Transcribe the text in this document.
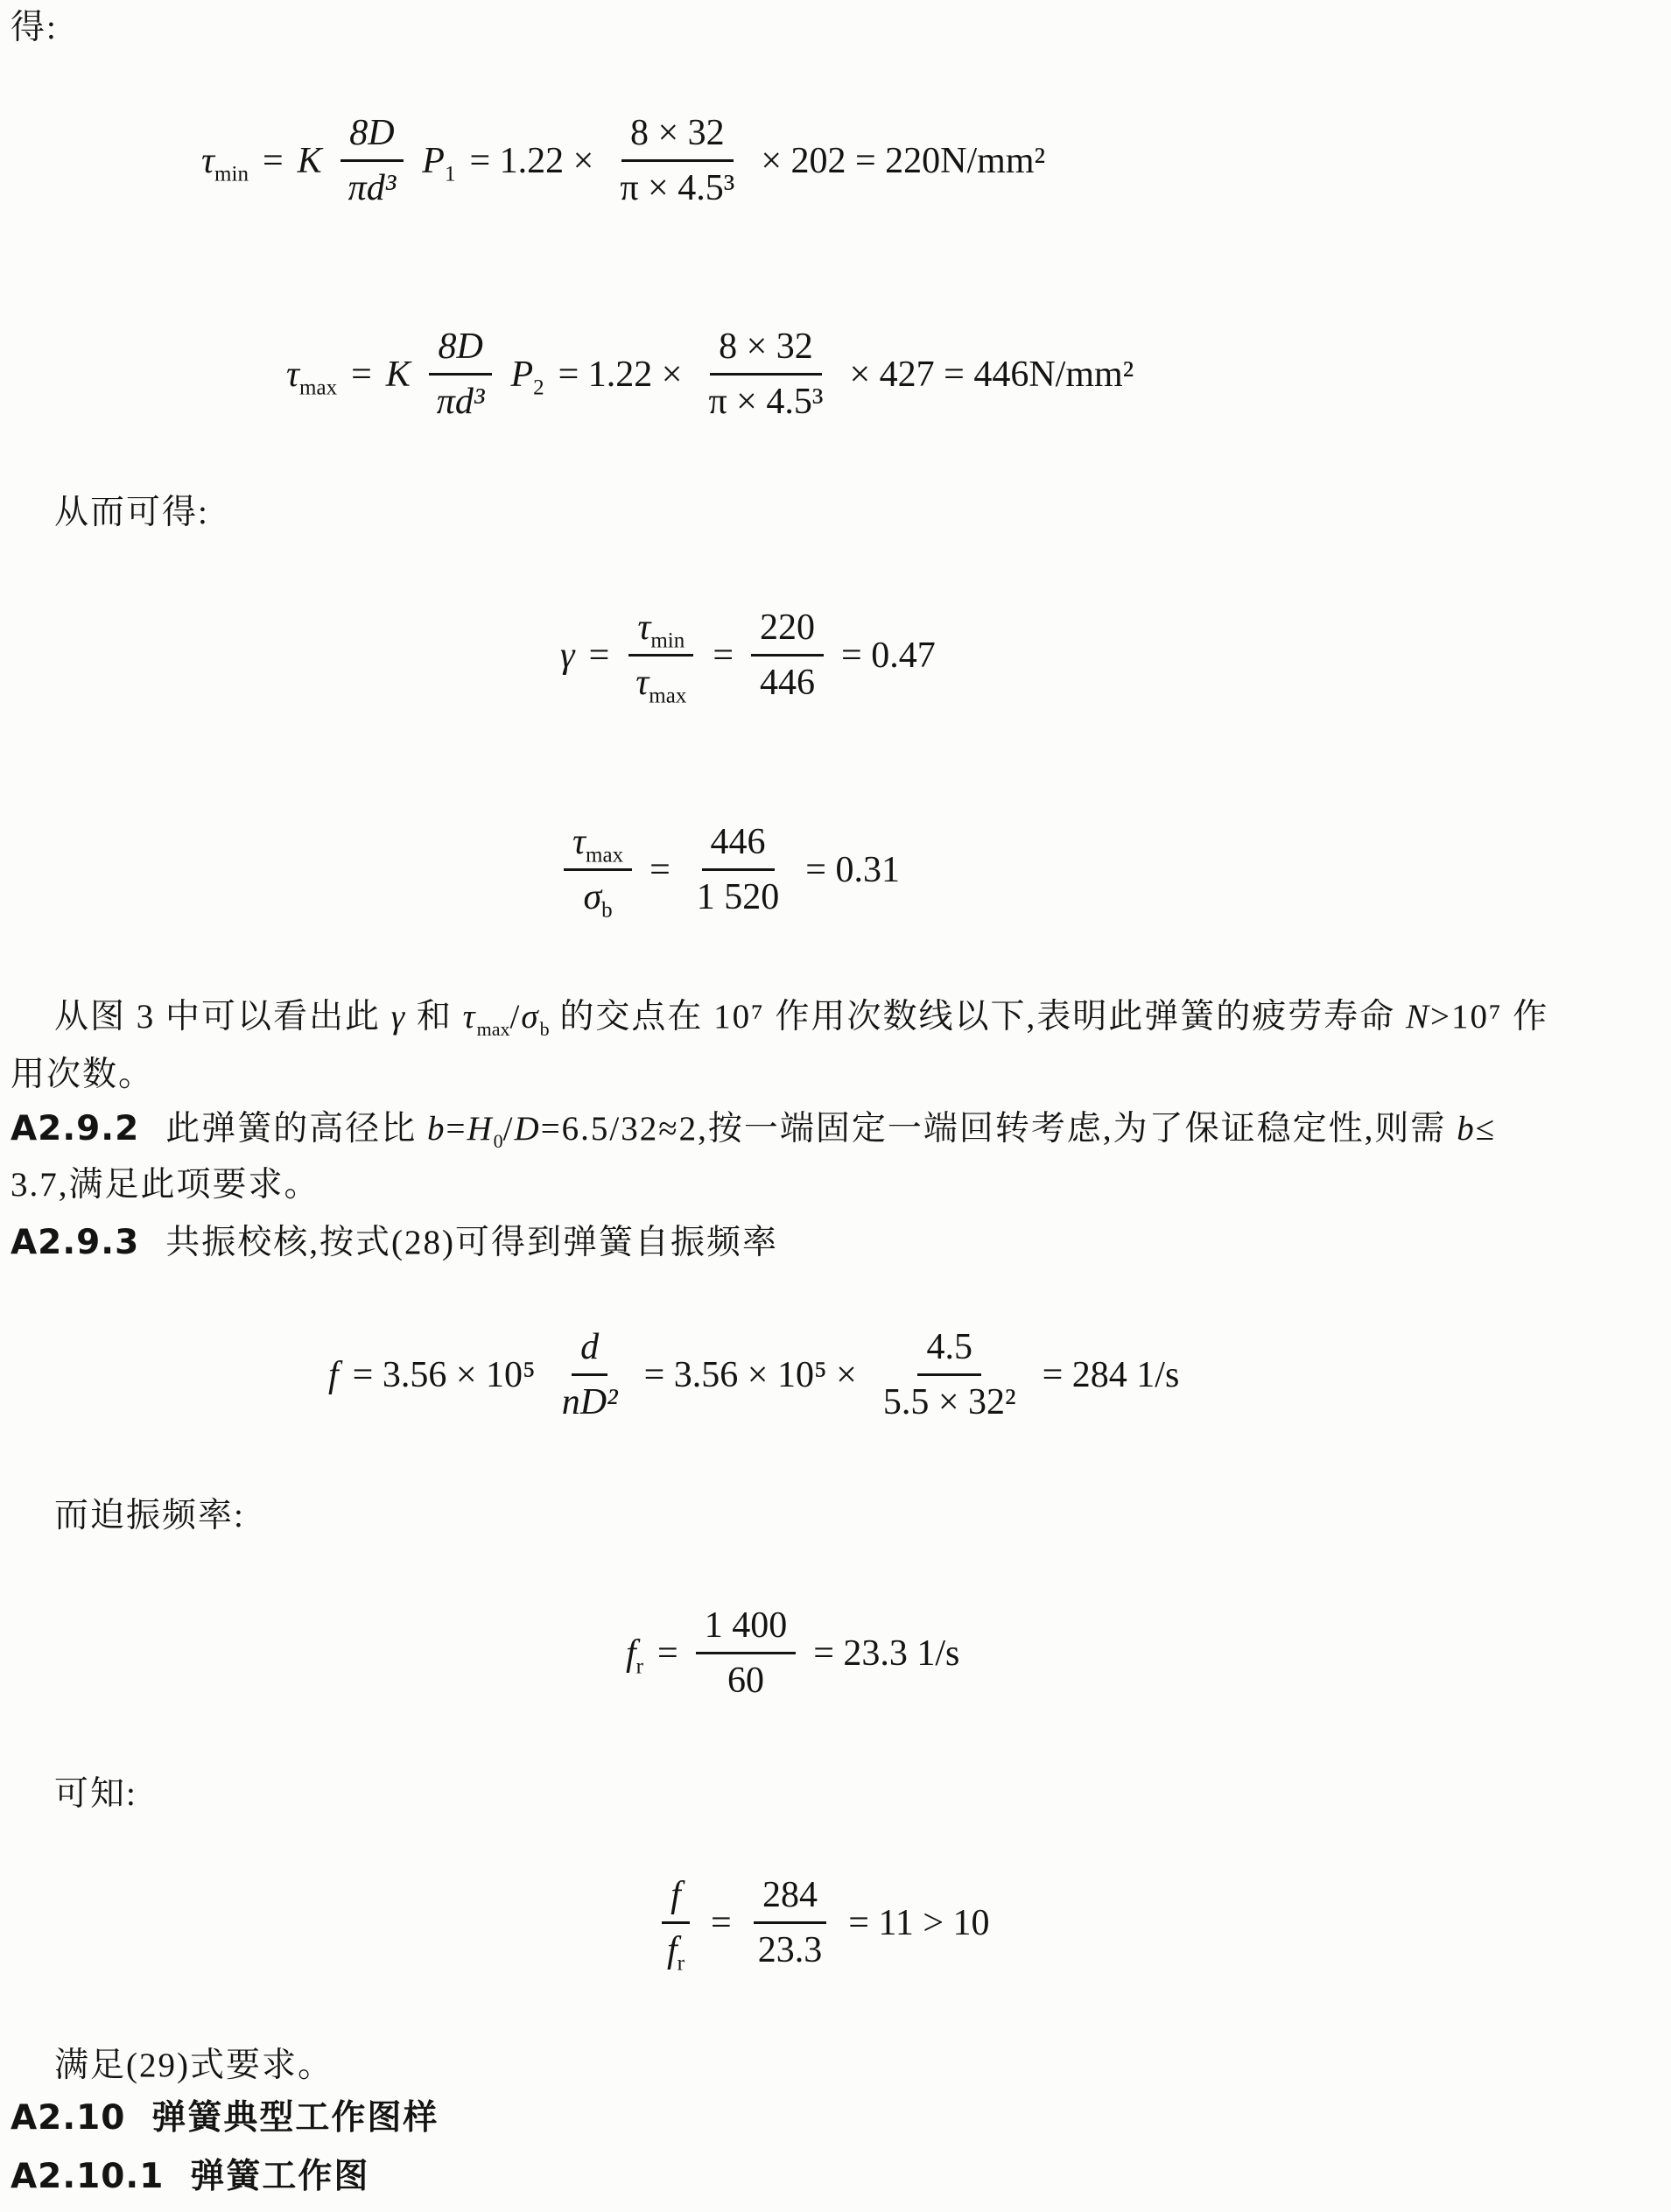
得:
$\tau_{min} = K \frac{8D}{\text{πd³}} P_1 = 1.22 \times \frac{8 \times 32}{\text{π × 4.5³}} \times 202 = 220N/mm^2$
$\tau_{max} = K \frac{8D}{\text{πd³}} P_2 = 1.22 \times \frac{8 \times 32}{\text{π × 4.5³}} \times 427 = 446N/mm^2$
从而可得:
$\gamma = \frac{\tau_{min}}{\tau_{max}} = \frac{220}{446} = 0.47$
$\frac{\tau_{max}}{\sigma_b} = \frac{446}{1 520} = 0.31$
从图 3 中可以看出此 γ 和 $\tau_{max}/\sigma_b$ 的交点在 10⁷ 作用次数线以下,表明此弹簧的疲劳寿命 N>10⁷ 作
用次数。
A2.9.2 此弹簧的高径比 $b=H_0/D=6.5/32\approx 2$,按一端固定一端回转考虑,为了保证稳定性,则需 b≤
3.7,满足此项要求。
A2.9.3 共振校核,按式(28)可得到弹簧自振频率
$f = 3.56 \times 10^5 \frac{d}{\text{nD²}} = 3.56 \times 10^5 \times \frac{4.5}{\text{5.5 × 32²}} = 284$ 1/s
而迫振频率:
$f_r = \frac{1 400}{60} = 23.3$ 1/s
可知:
$\frac{f}{f_r} = \frac{284}{23.3} = 11 > 10$
满足(29)式要求。
A2.10 弹簧典型工作图样
A2.10.1 弹簧工作图
